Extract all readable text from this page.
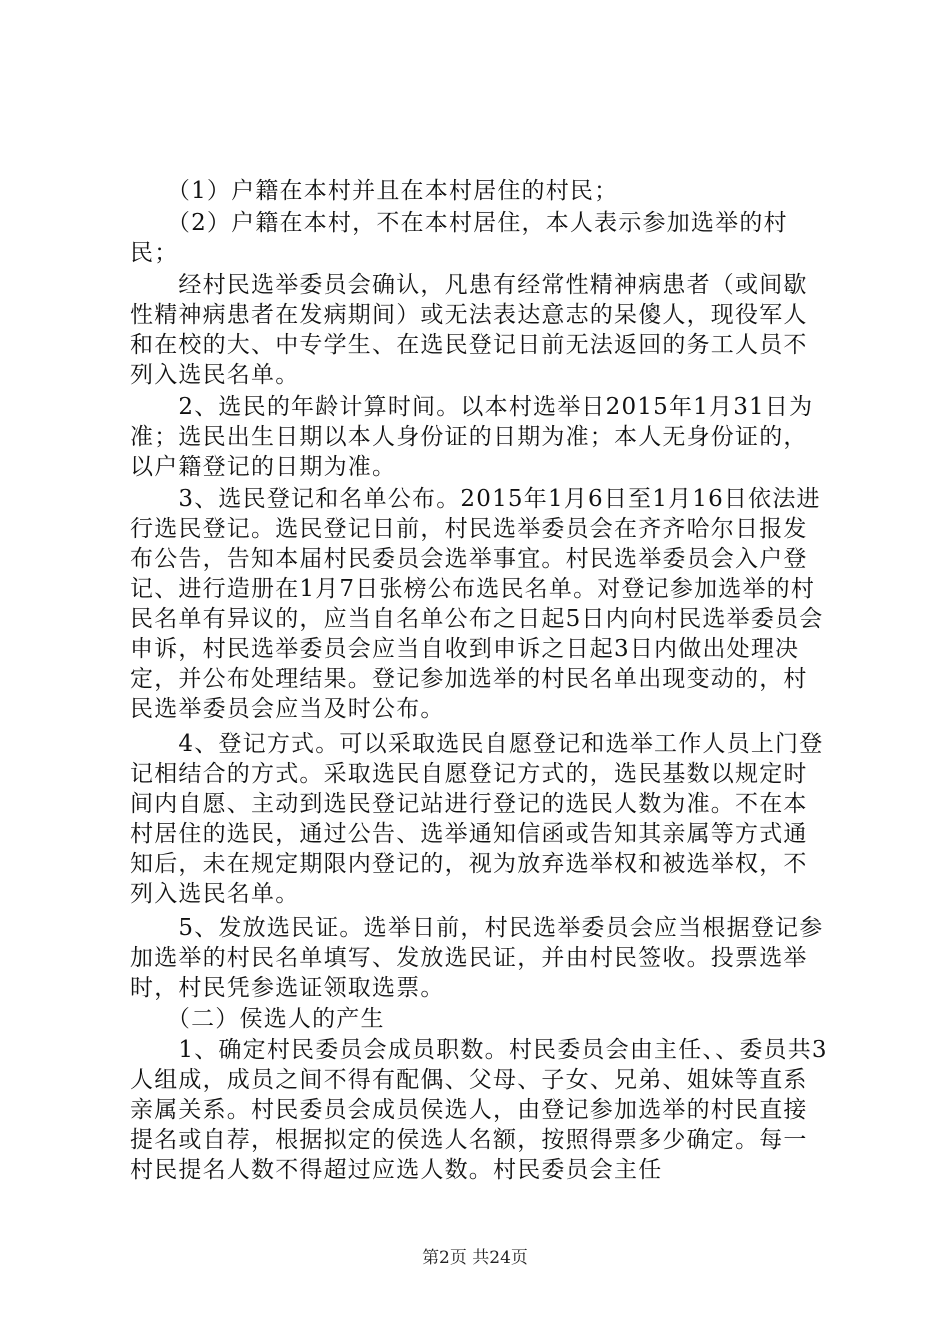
　　（1）户籍在本村并且在本村居住的村民；

　　（2）户籍在本村，不在本村居住，本人表示参加选举的村民；

　　经村民选举委员会确认，凡患有经常性精神病患者（或间歇性精神病患者在发病期间）或无法表达意志的呆傻人，现役军人和在校的大、中专学生、在选民登记日前无法返回的务工人员不列入选民名单。

　　2、选民的年龄计算时间。以本村选举日2015年1月31日为准；选民出生日期以本人身份证的日期为准；本人无身份证的，以户籍登记的日期为准。

　　3、选民登记和名单公布。2015年1月6日至1月16日依法进行选民登记。选民登记日前，村民选举委员会在齐齐哈尔日报发布公告，告知本届村民委员会选举事宜。村民选举委员会入户登记、进行造册在1月7日张榜公布选民名单。对登记参加选举的村民名单有异议的，应当自名单公布之日起5日内向村民选举委员会申诉，村民选举委员会应当自收到申诉之日起3日内做出处理决定，并公布处理结果。登记参加选举的村民名单出现变动的，村民选举委员会应当及时公布。

　　4、登记方式。可以采取选民自愿登记和选举工作人员上门登记相结合的方式。采取选民自愿登记方式的，选民基数以规定时间内自愿、主动到选民登记站进行登记的选民人数为准。不在本村居住的选民，通过公告、选举通知信函或告知其亲属等方式通知后，未在规定期限内登记的，视为放弃选举权和被选举权，不列入选民名单。

　　5、发放选民证。选举日前，村民选举委员会应当根据登记参加选举的村民名单填写、发放选民证，并由村民签收。投票选举时，村民凭参选证领取选票。

　　（二）侯选人的产生

　　1、确定村民委员会成员职数。村民委员会由主任、、委员共3人组成，成员之间不得有配偶、父母、子女、兄弟、姐妹等直系亲属关系。村民委员会成员侯选人，由登记参加选举的村民直接提名或自荐，根据拟定的侯选人名额，按照得票多少确定。每一村民提名人数不得超过应选人数。村民委员会主任

第2页 共24页
